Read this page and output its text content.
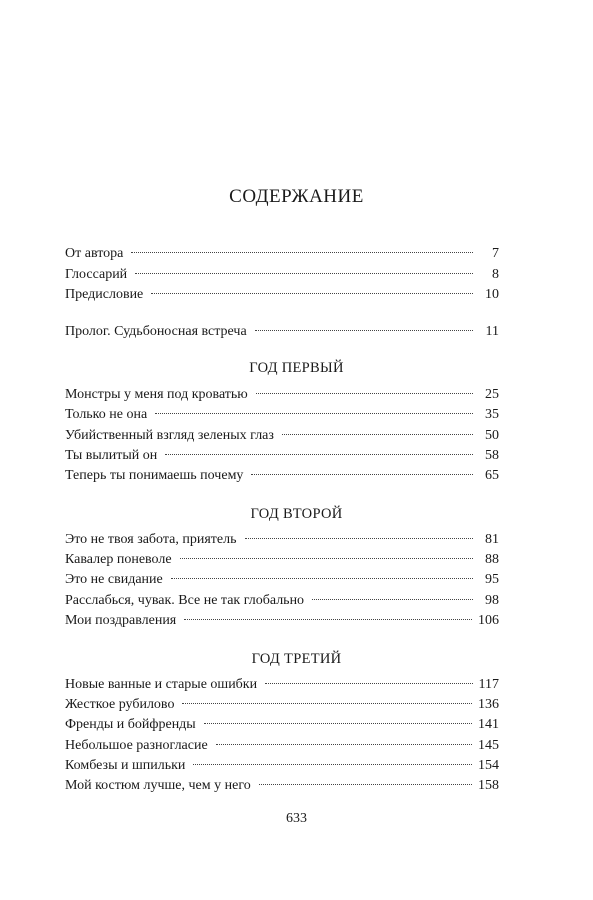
СОДЕРЖАНИЕ
От автора	7
Глоссарий	8
Предисловие	10
Пролог. Судьбоносная встреча	11
ГОД ПЕРВЫЙ
Монстры у меня под кроватью	25
Только не она	35
Убийственный взгляд зеленых глаз	50
Ты вылитый он	58
Теперь ты понимаешь почему	65
ГОД ВТОРОЙ
Это не твоя забота, приятель	81
Кавалер поневоле	88
Это не свидание	95
Расслабься, чувак. Все не так глобально	98
Мои поздравления	106
ГОД ТРЕТИЙ
Новые ванные и старые ошибки	117
Жесткое рубилово	136
Френды и бойфренды	141
Небольшое разногласие	145
Комбезы и шпильки	154
Мой костюм лучше, чем у него	158
633
